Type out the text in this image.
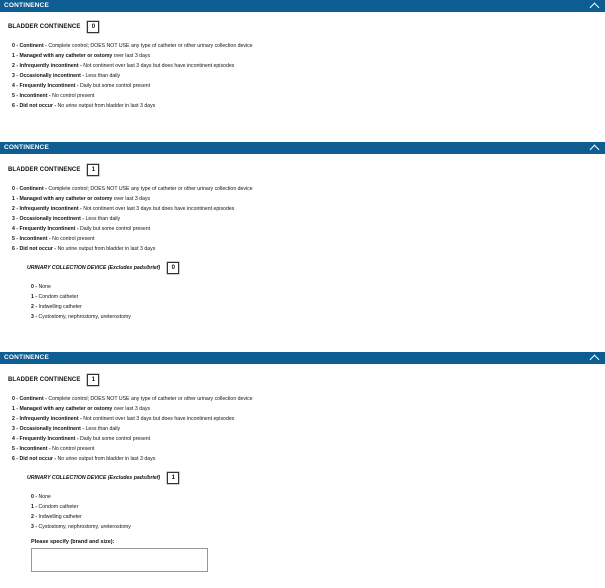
CONTINENCE
BLADDER CONTINENCE	0
0 - Continent - Complete control; DOES NOT USE any type of catheter or other urinary collection device
1 - Managed with any catheter or ostomy over last 3 days
2 - Infrequently incontinent - Not continent over last 3 days but does have incontinent episodes
3 - Occasionally incontinent - Less than daily
4 - Frequently Incontinent - Daily but some control present
5 - Incontinent - No control present
6 - Did not occur - No urine output from bladder in last 3 days
CONTINENCE
BLADDER CONTINENCE	1
0 - Continent - Complete control; DOES NOT USE any type of catheter or other urinary collection device
1 - Managed with any catheter or ostomy over last 3 days
2 - Infrequently incontinent - Not continent over last 3 days but does have incontinent episodes
3 - Occasionally incontinent - Less than daily
4 - Frequently Incontinent - Daily but some control present
5 - Incontinent - No control present
6 - Did not occur - No urine output from bladder in last 3 days
URINARY COLLECTION DEVICE (Excludes pads/brief)	0
0 - None
1 - Condom catheter
2 - Indwelling catheter
3 - Cystostomy, nephrostomy, ureterostomy
CONTINENCE
BLADDER CONTINENCE	1
0 - Continent - Complete control; DOES NOT USE any type of catheter or other urinary collection device
1 - Managed with any catheter or ostomy over last 3 days
2 - Infrequently incontinent - Not continent over last 3 days but does have incontinent episodes
3 - Occasionally incontinent - Less than daily
4 - Frequently Incontinent - Daily but some control present
5 - Incontinent - No control present
6 - Did not occur - No urine output from bladder in last 3 days
URINARY COLLECTION DEVICE (Excludes pads/brief)	1
0 - None
1 - Condom catheter
2 - Indwelling catheter
3 - Cystostomy, nephrostomy, ureterostomy
Please specify (brand and size):
